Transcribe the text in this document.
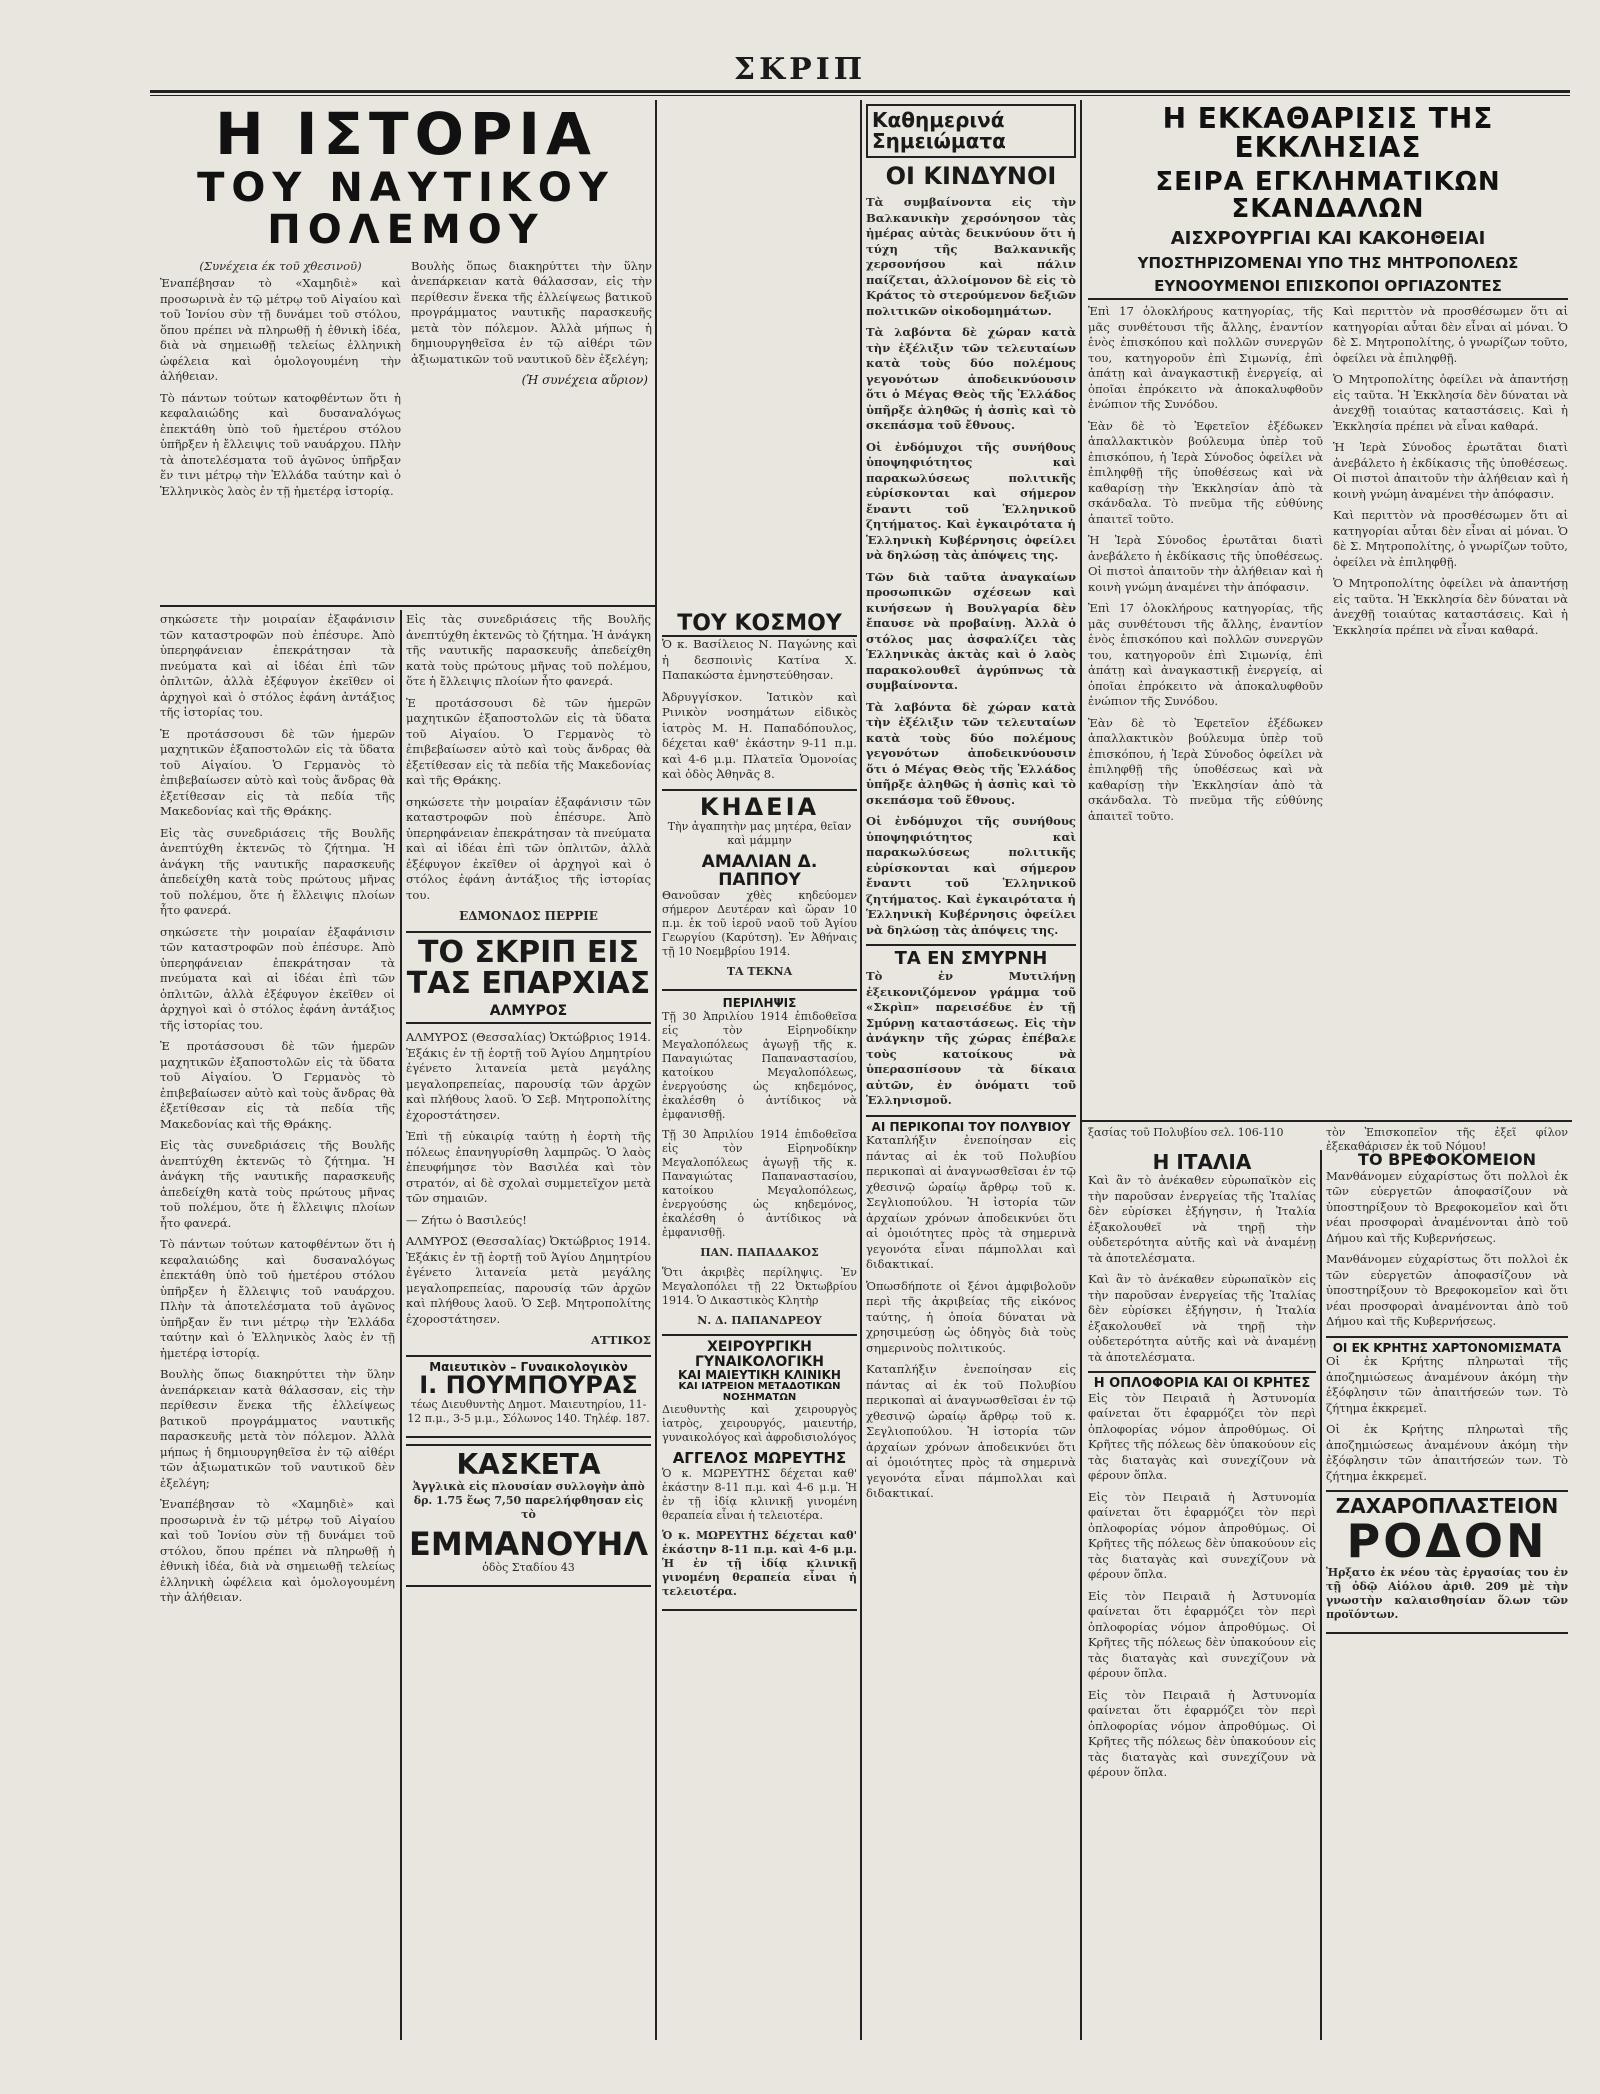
ΣΚΡΙΠ
Η ΙΣΤΟΡΙΑ
ΤΟΥ ΝΑΥΤΙΚΟΥ ΠΟΛΕΜΟΥ

(Συνέχεια έκ τοῦ χθεσινοῦ)

Ἐναπέβησαν τὸ «Χαμηδιὲ» καὶ προσωρινὰ ἐν τῷ μέτρῳ τοῦ Αἰγαίου καὶ τοῦ Ἰονίου σὺν τῇ δυνάμει τοῦ στόλου, ὅπου πρέπει νὰ πληρωθῇ ἡ ἐθνικὴ ἰδέα, διὰ νὰ σημειωθῇ τελείως ἑλληνικὴ ὠφέλεια καὶ ὁμολογουμένη τὴν ἀλήθειαν.

Τὸ πάντων τούτων κατοφθέντων ὅτι ἡ κεφαλαιώδης καὶ δυσαναλόγως ἐπεκτάθη ὑπὸ τοῦ ἡμετέρου στόλου ὑπῆρξεν ἡ ἔλλειψις τοῦ ναυάρχου. Πλὴν τὰ ἀποτελέσματα τοῦ ἀγῶνος ὑπῆρξαν ἕν τινι μέτρῳ τὴν Ἑλλάδα ταύτην καὶ ὁ Ἑλληνικὸς λαὸς ἐν τῇ ἡμετέρᾳ ἱστορίᾳ.

Βουλὴς ὅπως διακηρύττει τὴν ὕλην ἀνεπάρκειαν κατὰ θάλασσαν, εἰς τὴν περίθεσιν ἕνεκα τῆς ἐλλείψεως βατικοῦ προγράμματος ναυτικῆς παρασκευῆς μετὰ τὸν πόλεμον. Ἀλλὰ μήπως ἡ δημιουργηθεῖσα ἐν τῷ αἰθέρι τῶν ἀξιωματικῶν τοῦ ναυτικοῦ δὲν ἐξελέγη;

(Ἡ συνέχεια αὔριον)

σηκώσετε τὴν μοιραίαν ἐξαφάνισιν τῶν καταστροφῶν ποὺ ἐπέσυρε. Ἀπὸ ὑπερηφάνειαν ἐπεκράτησαν τὰ πνεύματα καὶ αἱ ἰδέαι ἐπὶ τῶν ὁπλιτῶν, ἀλλὰ ἐξέφυγον ἐκεῖθεν οἱ ἀρχηγοὶ καὶ ὁ στόλος ἐφάνη ἀντάξιος τῆς ἱστορίας του.

Ἐ προτάσσουσι δὲ τῶν ἡμερῶν μαχητικῶν ἐξαποστολῶν εἰς τὰ ὕδατα τοῦ Αἰγαίου. Ὁ Γερμανὸς τὸ ἐπιβεβαίωσεν αὐτὸ καὶ τοὺς ἄνδρας θὰ ἐξετίθεσαν εἰς τὰ πεδία τῆς Μακεδονίας καὶ τῆς Θράκης.

Εἰς τὰς συνεδριάσεις τῆς Βουλῆς ἀνεπτύχθη ἐκτενῶς τὸ ζήτημα. Ἡ ἀνάγκη τῆς ναυτικῆς παρασκευῆς ἀπεδείχθη κατὰ τοὺς πρώτους μῆνας τοῦ πολέμου, ὅτε ἡ ἔλλειψις πλοίων ἦτο φανερά.

σηκώσετε τὴν μοιραίαν ἐξαφάνισιν τῶν καταστροφῶν ποὺ ἐπέσυρε. Ἀπὸ ὑπερηφάνειαν ἐπεκράτησαν τὰ πνεύματα καὶ αἱ ἰδέαι ἐπὶ τῶν ὁπλιτῶν, ἀλλὰ ἐξέφυγον ἐκεῖθεν οἱ ἀρχηγοὶ καὶ ὁ στόλος ἐφάνη ἀντάξιος τῆς ἱστορίας του.

Ἐ προτάσσουσι δὲ τῶν ἡμερῶν μαχητικῶν ἐξαποστολῶν εἰς τὰ ὕδατα τοῦ Αἰγαίου. Ὁ Γερμανὸς τὸ ἐπιβεβαίωσεν αὐτὸ καὶ τοὺς ἄνδρας θὰ ἐξετίθεσαν εἰς τὰ πεδία τῆς Μακεδονίας καὶ τῆς Θράκης.

Εἰς τὰς συνεδριάσεις τῆς Βουλῆς ἀνεπτύχθη ἐκτενῶς τὸ ζήτημα. Ἡ ἀνάγκη τῆς ναυτικῆς παρασκευῆς ἀπεδείχθη κατὰ τοὺς πρώτους μῆνας τοῦ πολέμου, ὅτε ἡ ἔλλειψις πλοίων ἦτο φανερά.

Τὸ πάντων τούτων κατοφθέντων ὅτι ἡ κεφαλαιώδης καὶ δυσαναλόγως ἐπεκτάθη ὑπὸ τοῦ ἡμετέρου στόλου ὑπῆρξεν ἡ ἔλλειψις τοῦ ναυάρχου. Πλὴν τὰ ἀποτελέσματα τοῦ ἀγῶνος ὑπῆρξαν ἕν τινι μέτρῳ τὴν Ἑλλάδα ταύτην καὶ ὁ Ἑλληνικὸς λαὸς ἐν τῇ ἡμετέρᾳ ἱστορίᾳ.

Βουλὴς ὅπως διακηρύττει τὴν ὕλην ἀνεπάρκειαν κατὰ θάλασσαν, εἰς τὴν περίθεσιν ἕνεκα τῆς ἐλλείψεως βατικοῦ προγράμματος ναυτικῆς παρασκευῆς μετὰ τὸν πόλεμον. Ἀλλὰ μήπως ἡ δημιουργηθεῖσα ἐν τῷ αἰθέρι τῶν ἀξιωματικῶν τοῦ ναυτικοῦ δὲν ἐξελέγη;

Ἐναπέβησαν τὸ «Χαμηδιὲ» καὶ προσωρινὰ ἐν τῷ μέτρῳ τοῦ Αἰγαίου καὶ τοῦ Ἰονίου σὺν τῇ δυνάμει τοῦ στόλου, ὅπου πρέπει νὰ πληρωθῇ ἡ ἐθνικὴ ἰδέα, διὰ νὰ σημειωθῇ τελείως ἑλληνικὴ ὠφέλεια καὶ ὁμολογουμένη τὴν ἀλήθειαν.

Εἰς τὰς συνεδριάσεις τῆς Βουλῆς ἀνεπτύχθη ἐκτενῶς τὸ ζήτημα. Ἡ ἀνάγκη τῆς ναυτικῆς παρασκευῆς ἀπεδείχθη κατὰ τοὺς πρώτους μῆνας τοῦ πολέμου, ὅτε ἡ ἔλλειψις πλοίων ἦτο φανερά.

Ἐ προτάσσουσι δὲ τῶν ἡμερῶν μαχητικῶν ἐξαποστολῶν εἰς τὰ ὕδατα τοῦ Αἰγαίου. Ὁ Γερμανὸς τὸ ἐπιβεβαίωσεν αὐτὸ καὶ τοὺς ἄνδρας θὰ ἐξετίθεσαν εἰς τὰ πεδία τῆς Μακεδονίας καὶ τῆς Θράκης.

σηκώσετε τὴν μοιραίαν ἐξαφάνισιν τῶν καταστροφῶν ποὺ ἐπέσυρε. Ἀπὸ ὑπερηφάνειαν ἐπεκράτησαν τὰ πνεύματα καὶ αἱ ἰδέαι ἐπὶ τῶν ὁπλιτῶν, ἀλλὰ ἐξέφυγον ἐκεῖθεν οἱ ἀρχηγοὶ καὶ ὁ στόλος ἐφάνη ἀντάξιος τῆς ἱστορίας του.

ΕΔΜΟΝΔΟΣ ΠΕΡΡΙΕ

ΤΟ ΣΚΡΙΠ ΕΙΣ ΤΑΣ ΕΠΑΡΧΙΑΣ
ΑΛΜΥΡΟΣ

ΑΛΜΥΡΟΣ (Θεσσαλίας) Ὀκτώβριος 1914. Ἐξάκις ἐν τῇ ἑορτῇ τοῦ Ἁγίου Δημητρίου ἐγένετο λιτανεία μετὰ μεγάλης μεγαλοπρεπείας, παρουσίᾳ τῶν ἀρχῶν καὶ πλήθους λαοῦ. Ὁ Σεβ. Μητροπολίτης ἐχοροστάτησεν.

Ἐπὶ τῇ εὐκαιρίᾳ ταύτῃ ἡ ἑορτὴ τῆς πόλεως ἐπανηγυρίσθη λαμπρῶς. Ὁ λαὸς ἐπευφήμησε τὸν Βασιλέα καὶ τὸν στρατόν, αἱ δὲ σχολαὶ συμμετεῖχον μετὰ τῶν σημαιῶν.

— Ζήτω ὁ Βασιλεύς!

ΑΛΜΥΡΟΣ (Θεσσαλίας) Ὀκτώβριος 1914. Ἐξάκις ἐν τῇ ἑορτῇ τοῦ Ἁγίου Δημητρίου ἐγένετο λιτανεία μετὰ μεγάλης μεγαλοπρεπείας, παρουσίᾳ τῶν ἀρχῶν καὶ πλήθους λαοῦ. Ὁ Σεβ. Μητροπολίτης ἐχοροστάτησεν.

ΑΤΤΙΚΟΣ

Μαιευτικὸν – Γυναικολογικὸν
Ι. ΠΟΥΜΠΟΥΡΑΣ

τέως Διευθυντὴς Δημοτ. Μαιευτηρίου, 11-12 π.μ., 3-5 μ.μ., Σόλωνος 140. Τηλέφ. 187.

ΚΑΣΚΕΤΑ

Ἀγγλικὰ εἰς πλουσίαν συλλογὴν ἀπὸ δρ. 1.75 ἕως 7,50 παρελήφθησαν εἰς τὸ

ΕΜΜΑΝΟΥΗΛ

ὁδὸς Σταδίου 43

ΤΟΥ ΚΟΣΜΟΥ

Ὁ κ. Βασίλειος Ν. Παγώνης καὶ ἡ δεσποινὶς Κατίνα Χ. Παπακώστα ἐμνηστεύθησαν.

Ἀδρυγγίσκον. Ἰατικὸν καὶ Ρινικὸν νοσημάτων εἰδικὸς ἰατρὸς Μ. Η. Παπαδόπουλος, δέχεται καθ' ἑκάστην 9-11 π.μ. καὶ 4-6 μ.μ. Πλατεῖα Ὁμονοίας καὶ ὁδὸς Ἀθηνᾶς 8.

ΚΗΔΕΙΑ

Τὴν ἀγαπητὴν μας μητέρα, θεῖαν καὶ μάμμην

ΑΜΑΛΙΑΝ Δ. ΠΑΠΠΟΥ

Θανοῦσαν χθὲς κηδεύομεν σήμερον Δευτέραν καὶ ὥραν 10 π.μ. ἐκ τοῦ ἱεροῦ ναοῦ τοῦ Ἁγίου Γεωργίου (Καρύτση). Ἐν Ἀθήναις τῇ 10 Νοεμβρίου 1914.

ΤΑ ΤΕΚΝΑ

ΠΕΡΙΛΗΨΙΣ

Τῇ 30 Ἀπριλίου 1914 ἐπιδοθεῖσα εἰς τὸν Εἰρηνοδίκην Μεγαλοπόλεως ἀγωγῇ τῆς κ. Παναγιώτας Παπαναστασίου, κατοίκου Μεγαλοπόλεως, ἐνεργούσης ὡς κηδεμόνος, ἐκαλέσθη ὁ ἀντίδικος νὰ ἐμφανισθῇ.

Τῇ 30 Ἀπριλίου 1914 ἐπιδοθεῖσα εἰς τὸν Εἰρηνοδίκην Μεγαλοπόλεως ἀγωγῇ τῆς κ. Παναγιώτας Παπαναστασίου, κατοίκου Μεγαλοπόλεως, ἐνεργούσης ὡς κηδεμόνος, ἐκαλέσθη ὁ ἀντίδικος νὰ ἐμφανισθῇ.

ΠΑΝ. ΠΑΠΑΔΑΚΟΣ

Ὅτι ἀκριβὲς περίληψις. Ἐν Μεγαλοπόλει τῇ 22 Ὀκτωβρίου 1914. Ὁ Δικαστικὸς Κλητὴρ

Ν. Δ. ΠΑΠΑΝΔΡΕΟΥ

ΧΕΙΡΟΥΡΓΙΚΗ ΓΥΝΑΙΚΟΛΟΓΙΚΗ
ΚΑΙ ΜΑΙΕΥΤΙΚΗ ΚΛΙΝΙΚΗ
ΚΑΙ ΙΑΤΡΕΙΟΝ ΜΕΤΑΔΟΤΙΚΩΝ ΝΟΣΗΜΑΤΩΝ

Διευθυντὴς καὶ χειρουργὸς ἰατρὸς, χειρουργός, μαιευτήρ, γυναικολόγος καὶ ἀφροδισιολόγος

ΑΓΓΕΛΟΣ ΜΩΡΕΥΤΗΣ

Ὁ κ. ΜΩΡΕΥΤΗΣ δέχεται καθ' ἑκάστην 8-11 π.μ. καὶ 4-6 μ.μ. Ἡ ἐν τῇ ἰδίᾳ κλινικῇ γινομένη θεραπεία εἶναι ἡ τελειοτέρα.

Ὁ κ. ΜΩΡΕΥΤΗΣ δέχεται καθ' ἑκάστην 8-11 π.μ. καὶ 4-6 μ.μ. Ἡ ἐν τῇ ἰδίᾳ κλινικῇ γινομένη θεραπεία εἶναι ἡ τελειοτέρα.

Καθημερινά Σημειώματα
ΟΙ ΚΙΝΔΥΝΟΙ

Τὰ συμβαίνοντα εἰς τὴν Βαλκανικὴν χερσόνησον τὰς ἡμέρας αὐτὰς δεικνύουν ὅτι ἡ τύχη τῆς Βαλκανικῆς χερσονήσου καὶ πάλιν παίζεται, ἀλλοίμονον δὲ εἰς τὸ Κράτος τὸ στερούμενον δεξιῶν πολιτικῶν οἰκοδομημάτων.

Τὰ λαβόντα δὲ χώραν κατὰ τὴν ἐξέλιξιν τῶν τελευταίων κατὰ τοὺς δύο πολέμους γεγονότων ἀποδεικνύουσιν ὅτι ὁ Μέγας Θεὸς τῆς Ἑλλάδος ὑπῆρξε ἀληθῶς ἡ ἀσπὶς καὶ τὸ σκεπάσμα τοῦ ἔθνους.

Οἱ ἐνδόμυχοι τῆς συνήθους ὑποψηφιότητος καὶ παρακωλύσεως πολιτικῆς εὐρίσκονται καὶ σήμερον ἔναντι τοῦ Ἑλληνικοῦ ζητήματος. Καὶ ἐγκαιρότατα ἡ Ἑλληνικὴ Κυβέρνησις ὀφείλει νὰ δηλώσῃ τὰς ἀπόψεις της.

Τῶν διὰ ταῦτα ἀναγκαίων προσωπικῶν σχέσεων καὶ κινήσεων ἡ Βουλγαρία δὲν ἔπαυσε νὰ προβαίνῃ. Ἀλλὰ ὁ στόλος μας ἀσφαλίζει τὰς Ἑλληνικὰς ἀκτὰς καὶ ὁ λαὸς παρακολουθεῖ ἀγρύπνως τὰ συμβαίνοντα.

Τὰ λαβόντα δὲ χώραν κατὰ τὴν ἐξέλιξιν τῶν τελευταίων κατὰ τοὺς δύο πολέμους γεγονότων ἀποδεικνύουσιν ὅτι ὁ Μέγας Θεὸς τῆς Ἑλλάδος ὑπῆρξε ἀληθῶς ἡ ἀσπὶς καὶ τὸ σκεπάσμα τοῦ ἔθνους.

Οἱ ἐνδόμυχοι τῆς συνήθους ὑποψηφιότητος καὶ παρακωλύσεως πολιτικῆς εὐρίσκονται καὶ σήμερον ἔναντι τοῦ Ἑλληνικοῦ ζητήματος. Καὶ ἐγκαιρότατα ἡ Ἑλληνικὴ Κυβέρνησις ὀφείλει νὰ δηλώσῃ τὰς ἀπόψεις της.

ΤΑ ΕΝ ΣΜΥΡΝΗ

Τὸ ἐν Μυτιλήνῃ ἐξεικονιζόμενον γράμμα τοῦ «Σκρὶπ» παρεισέδυε ἐν τῇ Σμύρνῃ καταστάσεως. Εἰς τὴν ἀνάγκην τῆς χώρας ἐπέβαλε τοὺς κατοίκους νὰ ὑπερασπίσουν τὰ δίκαια αὐτῶν, ἐν ὀνόματι τοῦ Ἑλληνισμοῦ.

ΑΙ ΠΕΡΙΚΟΠΑΙ ΤΟΥ ΠΟΛΥΒΙΟΥ

Καταπλήξιν ἐνεποίησαν εἰς πάντας αἱ ἐκ τοῦ Πολυβίου περικοπαὶ αἱ ἀναγνωσθεῖσαι ἐν τῷ χθεσινῷ ὡραίῳ ἄρθρῳ τοῦ κ. Σεγλιοπούλου. Ἡ ἱστορία τῶν ἀρχαίων χρόνων ἀποδεικνύει ὅτι αἱ ὁμοιότητες πρὸς τὰ σημερινὰ γεγονότα εἶναι πάμπολλαι καὶ διδακτικαί.

Ὁπωσδήποτε οἱ ξένοι ἀμφιβολοῦν περὶ τῆς ἀκριβείας τῆς εἰκόνος ταύτης, ἡ ὁποία δύναται νὰ χρησιμεύσῃ ὡς ὁδηγὸς διὰ τοὺς σημερινοὺς πολιτικούς.

Καταπλήξιν ἐνεποίησαν εἰς πάντας αἱ ἐκ τοῦ Πολυβίου περικοπαὶ αἱ ἀναγνωσθεῖσαι ἐν τῷ χθεσινῷ ὡραίῳ ἄρθρῳ τοῦ κ. Σεγλιοπούλου. Ἡ ἱστορία τῶν ἀρχαίων χρόνων ἀποδεικνύει ὅτι αἱ ὁμοιότητες πρὸς τὰ σημερινὰ γεγονότα εἶναι πάμπολλαι καὶ διδακτικαί.

Η ΕΚΚΑΘΑΡΙΣΙΣ ΤΗΣ ΕΚΚΛΗΣΙΑΣ
ΣΕΙΡΑ ΕΓΚΛΗΜΑΤΙΚΩΝ ΣΚΑΝΔΑΛΩΝ
ΑΙΣΧΡΟΥΡΓΙΑΙ ΚΑΙ ΚΑΚΟΗΘΕΙΑΙ
ΥΠΟΣΤΗΡΙΖΟΜΕΝΑΙ ΥΠΟ ΤΗΣ ΜΗΤΡΟΠΟΛΕΩΣ
ΕΥΝΟΟΥΜΕΝΟΙ ΕΠΙΣΚΟΠΟΙ ΟΡΓΙΑΖΟΝΤΕΣ

Ἐπὶ 17 ὁλοκλήρους κατηγορίας, τῆς μᾶς συνθέτουσι τῆς ἄλλης, ἐναντίον ἑνὸς ἐπισκόπου καὶ πολλῶν συνεργῶν του, κατηγοροῦν ἐπὶ Σιμωνίᾳ, ἐπὶ ἀπάτῃ καὶ ἀναγκαστικῇ ἐνεργείᾳ, αἱ ὁποῖαι ἐπρόκειτο νὰ ἀποκαλυφθοῦν ἐνώπιον τῆς Συνόδου.

Ἐὰν δὲ τὸ Ἐφετεῖον ἐξέδωκεν ἀπαλλακτικὸν βούλευμα ὑπὲρ τοῦ ἐπισκόπου, ἡ Ἱερὰ Σύνοδος ὀφείλει νὰ ἐπιληφθῇ τῆς ὑποθέσεως καὶ νὰ καθαρίσῃ τὴν Ἐκκλησίαν ἀπὸ τὰ σκάνδαλα. Τὸ πνεῦμα τῆς εὐθύνης ἀπαιτεῖ τοῦτο.

Ἡ Ἱερὰ Σύνοδος ἐρωτᾶται διατὶ ἀνεβάλετο ἡ ἐκδίκασις τῆς ὑποθέσεως. Οἱ πιστοὶ ἀπαιτοῦν τὴν ἀλήθειαν καὶ ἡ κοινὴ γνώμη ἀναμένει τὴν ἀπόφασιν.

Ἐπὶ 17 ὁλοκλήρους κατηγορίας, τῆς μᾶς συνθέτουσι τῆς ἄλλης, ἐναντίον ἑνὸς ἐπισκόπου καὶ πολλῶν συνεργῶν του, κατηγοροῦν ἐπὶ Σιμωνίᾳ, ἐπὶ ἀπάτῃ καὶ ἀναγκαστικῇ ἐνεργείᾳ, αἱ ὁποῖαι ἐπρόκειτο νὰ ἀποκαλυφθοῦν ἐνώπιον τῆς Συνόδου.

Ἐὰν δὲ τὸ Ἐφετεῖον ἐξέδωκεν ἀπαλλακτικὸν βούλευμα ὑπὲρ τοῦ ἐπισκόπου, ἡ Ἱερὰ Σύνοδος ὀφείλει νὰ ἐπιληφθῇ τῆς ὑποθέσεως καὶ νὰ καθαρίσῃ τὴν Ἐκκλησίαν ἀπὸ τὰ σκάνδαλα. Τὸ πνεῦμα τῆς εὐθύνης ἀπαιτεῖ τοῦτο.

Καὶ περιττὸν νὰ προσθέσωμεν ὅτι αἱ κατηγορίαι αὗται δὲν εἶναι αἱ μόναι. Ὁ δὲ Σ. Μητροπολίτης, ὁ γνωρίζων τοῦτο, ὀφείλει νὰ ἐπιληφθῇ.

Ὁ Μητροπολίτης ὀφείλει νὰ ἀπαντήσῃ εἰς ταῦτα. Ἡ Ἐκκλησία δὲν δύναται νὰ ἀνεχθῇ τοιαύτας καταστάσεις. Καὶ ἡ Ἐκκλησία πρέπει νὰ εἶναι καθαρά.

Ἡ Ἱερὰ Σύνοδος ἐρωτᾶται διατὶ ἀνεβάλετο ἡ ἐκδίκασις τῆς ὑποθέσεως. Οἱ πιστοὶ ἀπαιτοῦν τὴν ἀλήθειαν καὶ ἡ κοινὴ γνώμη ἀναμένει τὴν ἀπόφασιν.

Καὶ περιττὸν νὰ προσθέσωμεν ὅτι αἱ κατηγορίαι αὗται δὲν εἶναι αἱ μόναι. Ὁ δὲ Σ. Μητροπολίτης, ὁ γνωρίζων τοῦτο, ὀφείλει νὰ ἐπιληφθῇ.

Ὁ Μητροπολίτης ὀφείλει νὰ ἀπαντήσῃ εἰς ταῦτα. Ἡ Ἐκκλησία δὲν δύναται νὰ ἀνεχθῇ τοιαύτας καταστάσεις. Καὶ ἡ Ἐκκλησία πρέπει νὰ εἶναι καθαρά.

ξασίας τοῦ Πολυβίου σελ. 106-110	τὸν Ἐπισκοπεῖον τῆς ἐξεῖ φίλον ἐξεκαθάρισεν ἐκ τοῦ Νόμου!

Η ΙΤΑΛΙΑ

Καὶ ἂν τὸ ἀνέκαθεν εὐρωπαϊκὸν εἰς τὴν παροῦσαν ἐνεργείας τῆς Ἰταλίας δὲν εὑρίσκει ἐξήγησιν, ἡ Ἰταλία ἐξακολουθεῖ νὰ τηρῇ τὴν οὐδετερότητα αὐτῆς καὶ νὰ ἀναμένῃ τὰ ἀποτελέσματα.

Καὶ ἂν τὸ ἀνέκαθεν εὐρωπαϊκὸν εἰς τὴν παροῦσαν ἐνεργείας τῆς Ἰταλίας δὲν εὑρίσκει ἐξήγησιν, ἡ Ἰταλία ἐξακολουθεῖ νὰ τηρῇ τὴν οὐδετερότητα αὐτῆς καὶ νὰ ἀναμένῃ τὰ ἀποτελέσματα.

Η ΟΠΛΟΦΟΡΙΑ ΚΑΙ ΟΙ ΚΡΗΤΕΣ

Εἰς τὸν Πειραιᾶ ἡ Ἀστυνομία φαίνεται ὅτι ἐφαρμόζει τὸν περὶ ὁπλοφορίας νόμον ἀπροθύμως. Οἱ Κρῆτες τῆς πόλεως δὲν ὑπακούουν εἰς τὰς διαταγὰς καὶ συνεχίζουν νὰ φέρουν ὅπλα.

Εἰς τὸν Πειραιᾶ ἡ Ἀστυνομία φαίνεται ὅτι ἐφαρμόζει τὸν περὶ ὁπλοφορίας νόμον ἀπροθύμως. Οἱ Κρῆτες τῆς πόλεως δὲν ὑπακούουν εἰς τὰς διαταγὰς καὶ συνεχίζουν νὰ φέρουν ὅπλα.

Εἰς τὸν Πειραιᾶ ἡ Ἀστυνομία φαίνεται ὅτι ἐφαρμόζει τὸν περὶ ὁπλοφορίας νόμον ἀπροθύμως. Οἱ Κρῆτες τῆς πόλεως δὲν ὑπακούουν εἰς τὰς διαταγὰς καὶ συνεχίζουν νὰ φέρουν ὅπλα.

Εἰς τὸν Πειραιᾶ ἡ Ἀστυνομία φαίνεται ὅτι ἐφαρμόζει τὸν περὶ ὁπλοφορίας νόμον ἀπροθύμως. Οἱ Κρῆτες τῆς πόλεως δὲν ὑπακούουν εἰς τὰς διαταγὰς καὶ συνεχίζουν νὰ φέρουν ὅπλα.

ΤΟ ΒΡΕΦΟΚΟΜΕΙΟΝ

Μανθάνομεν εὐχαρίστως ὅτι πολλοὶ ἐκ τῶν εὐεργετῶν ἀποφασίζουν νὰ ὑποστηρίξουν τὸ Βρεφοκομεῖον καὶ ὅτι νέαι προσφοραὶ ἀναμένονται ἀπὸ τοῦ Δήμου καὶ τῆς Κυβερνήσεως.

Μανθάνομεν εὐχαρίστως ὅτι πολλοὶ ἐκ τῶν εὐεργετῶν ἀποφασίζουν νὰ ὑποστηρίξουν τὸ Βρεφοκομεῖον καὶ ὅτι νέαι προσφοραὶ ἀναμένονται ἀπὸ τοῦ Δήμου καὶ τῆς Κυβερνήσεως.

ΟΙ ΕΚ ΚΡΗΤΗΣ ΧΑΡΤΟΝΟΜΙΣΜΑΤΑ

Οἱ ἐκ Κρήτης πληρωταὶ τῆς ἀποζημιώσεως ἀναμένουν ἀκόμη τὴν ἐξόφλησιν τῶν ἀπαιτήσεών των. Τὸ ζήτημα ἐκκρεμεῖ.

Οἱ ἐκ Κρήτης πληρωταὶ τῆς ἀποζημιώσεως ἀναμένουν ἀκόμη τὴν ἐξόφλησιν τῶν ἀπαιτήσεών των. Τὸ ζήτημα ἐκκρεμεῖ.

ΖΑΧΑΡΟΠΛΑΣΤΕΙΟΝ
ΡΟΔΟΝ

Ἠρξατο ἐκ νέου τὰς ἐργασίας του ἐν τῇ ὁδῷ Αἰόλου ἀριθ. 209 μὲ τὴν γνωστὴν καλαισθησίαν ὅλων τῶν προϊόντων.
